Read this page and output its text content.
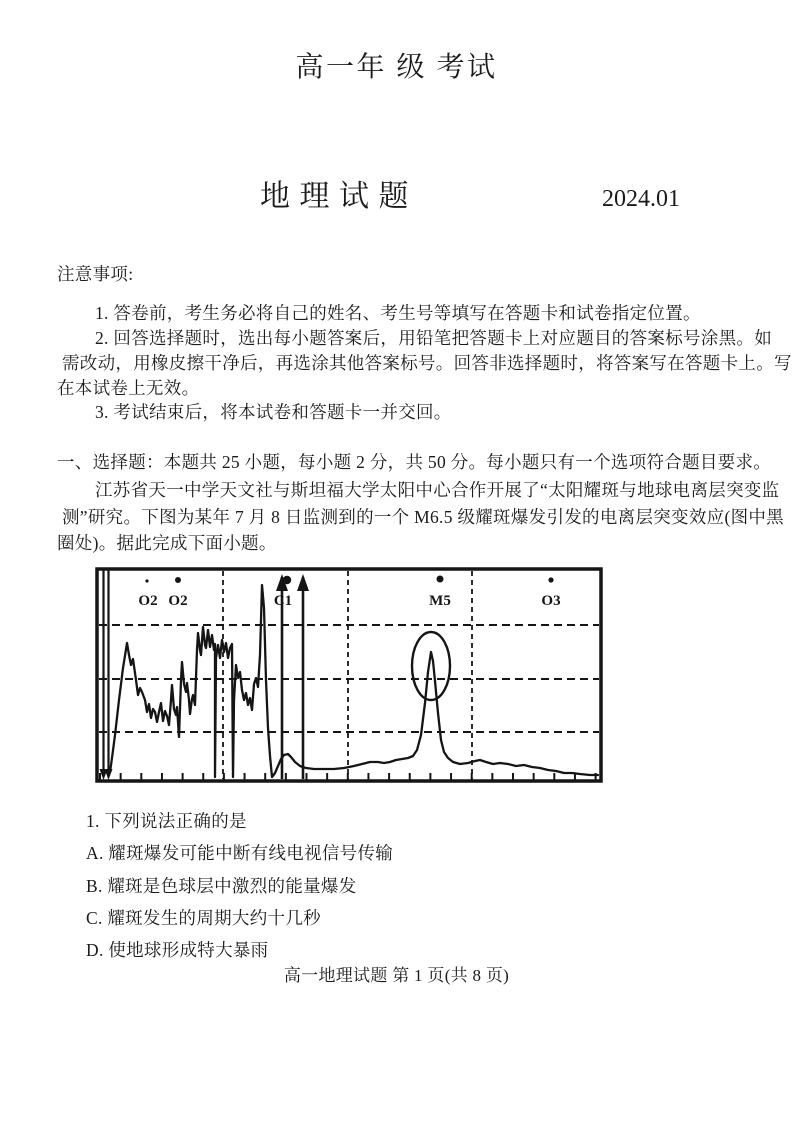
高一年 级 考试
地 理 试 题	2024.01
注意事项:
1. 答卷前，考生务必将自己的姓名、考生号等填写在答题卡和试卷指定位置。
2. 回答选择题时，选出每小题答案后，用铅笔把答题卡上对应题目的答案标号涂黑。如
需改动，用橡皮擦干净后，再选涂其他答案标号。回答非选择题时，将答案写在答题卡上。写
在本试卷上无效。
3. 考试结束后，将本试卷和答题卡一并交回。
一、选择题：本题共 25 小题，每小题 2 分，共 50 分。每小题只有一个选项符合题目要求。
江苏省天一中学天文社与斯坦福大学太阳中心合作开展了“太阳耀斑与地球电离层突变监
测”研究。下图为某年 7 月 8 日监测到的一个 M6.5 级耀斑爆发引发的电离层突变效应(图中黑
圈处)。据此完成下面小题。
O2 O2	C1	M5	O3
1. 下列说法正确的是
A. 耀斑爆发可能中断有线电视信号传输
B. 耀斑是色球层中激烈的能量爆发
C. 耀斑发生的周期大约十几秒
D. 使地球形成特大暴雨
高一地理试题 第 1 页(共 8 页)
